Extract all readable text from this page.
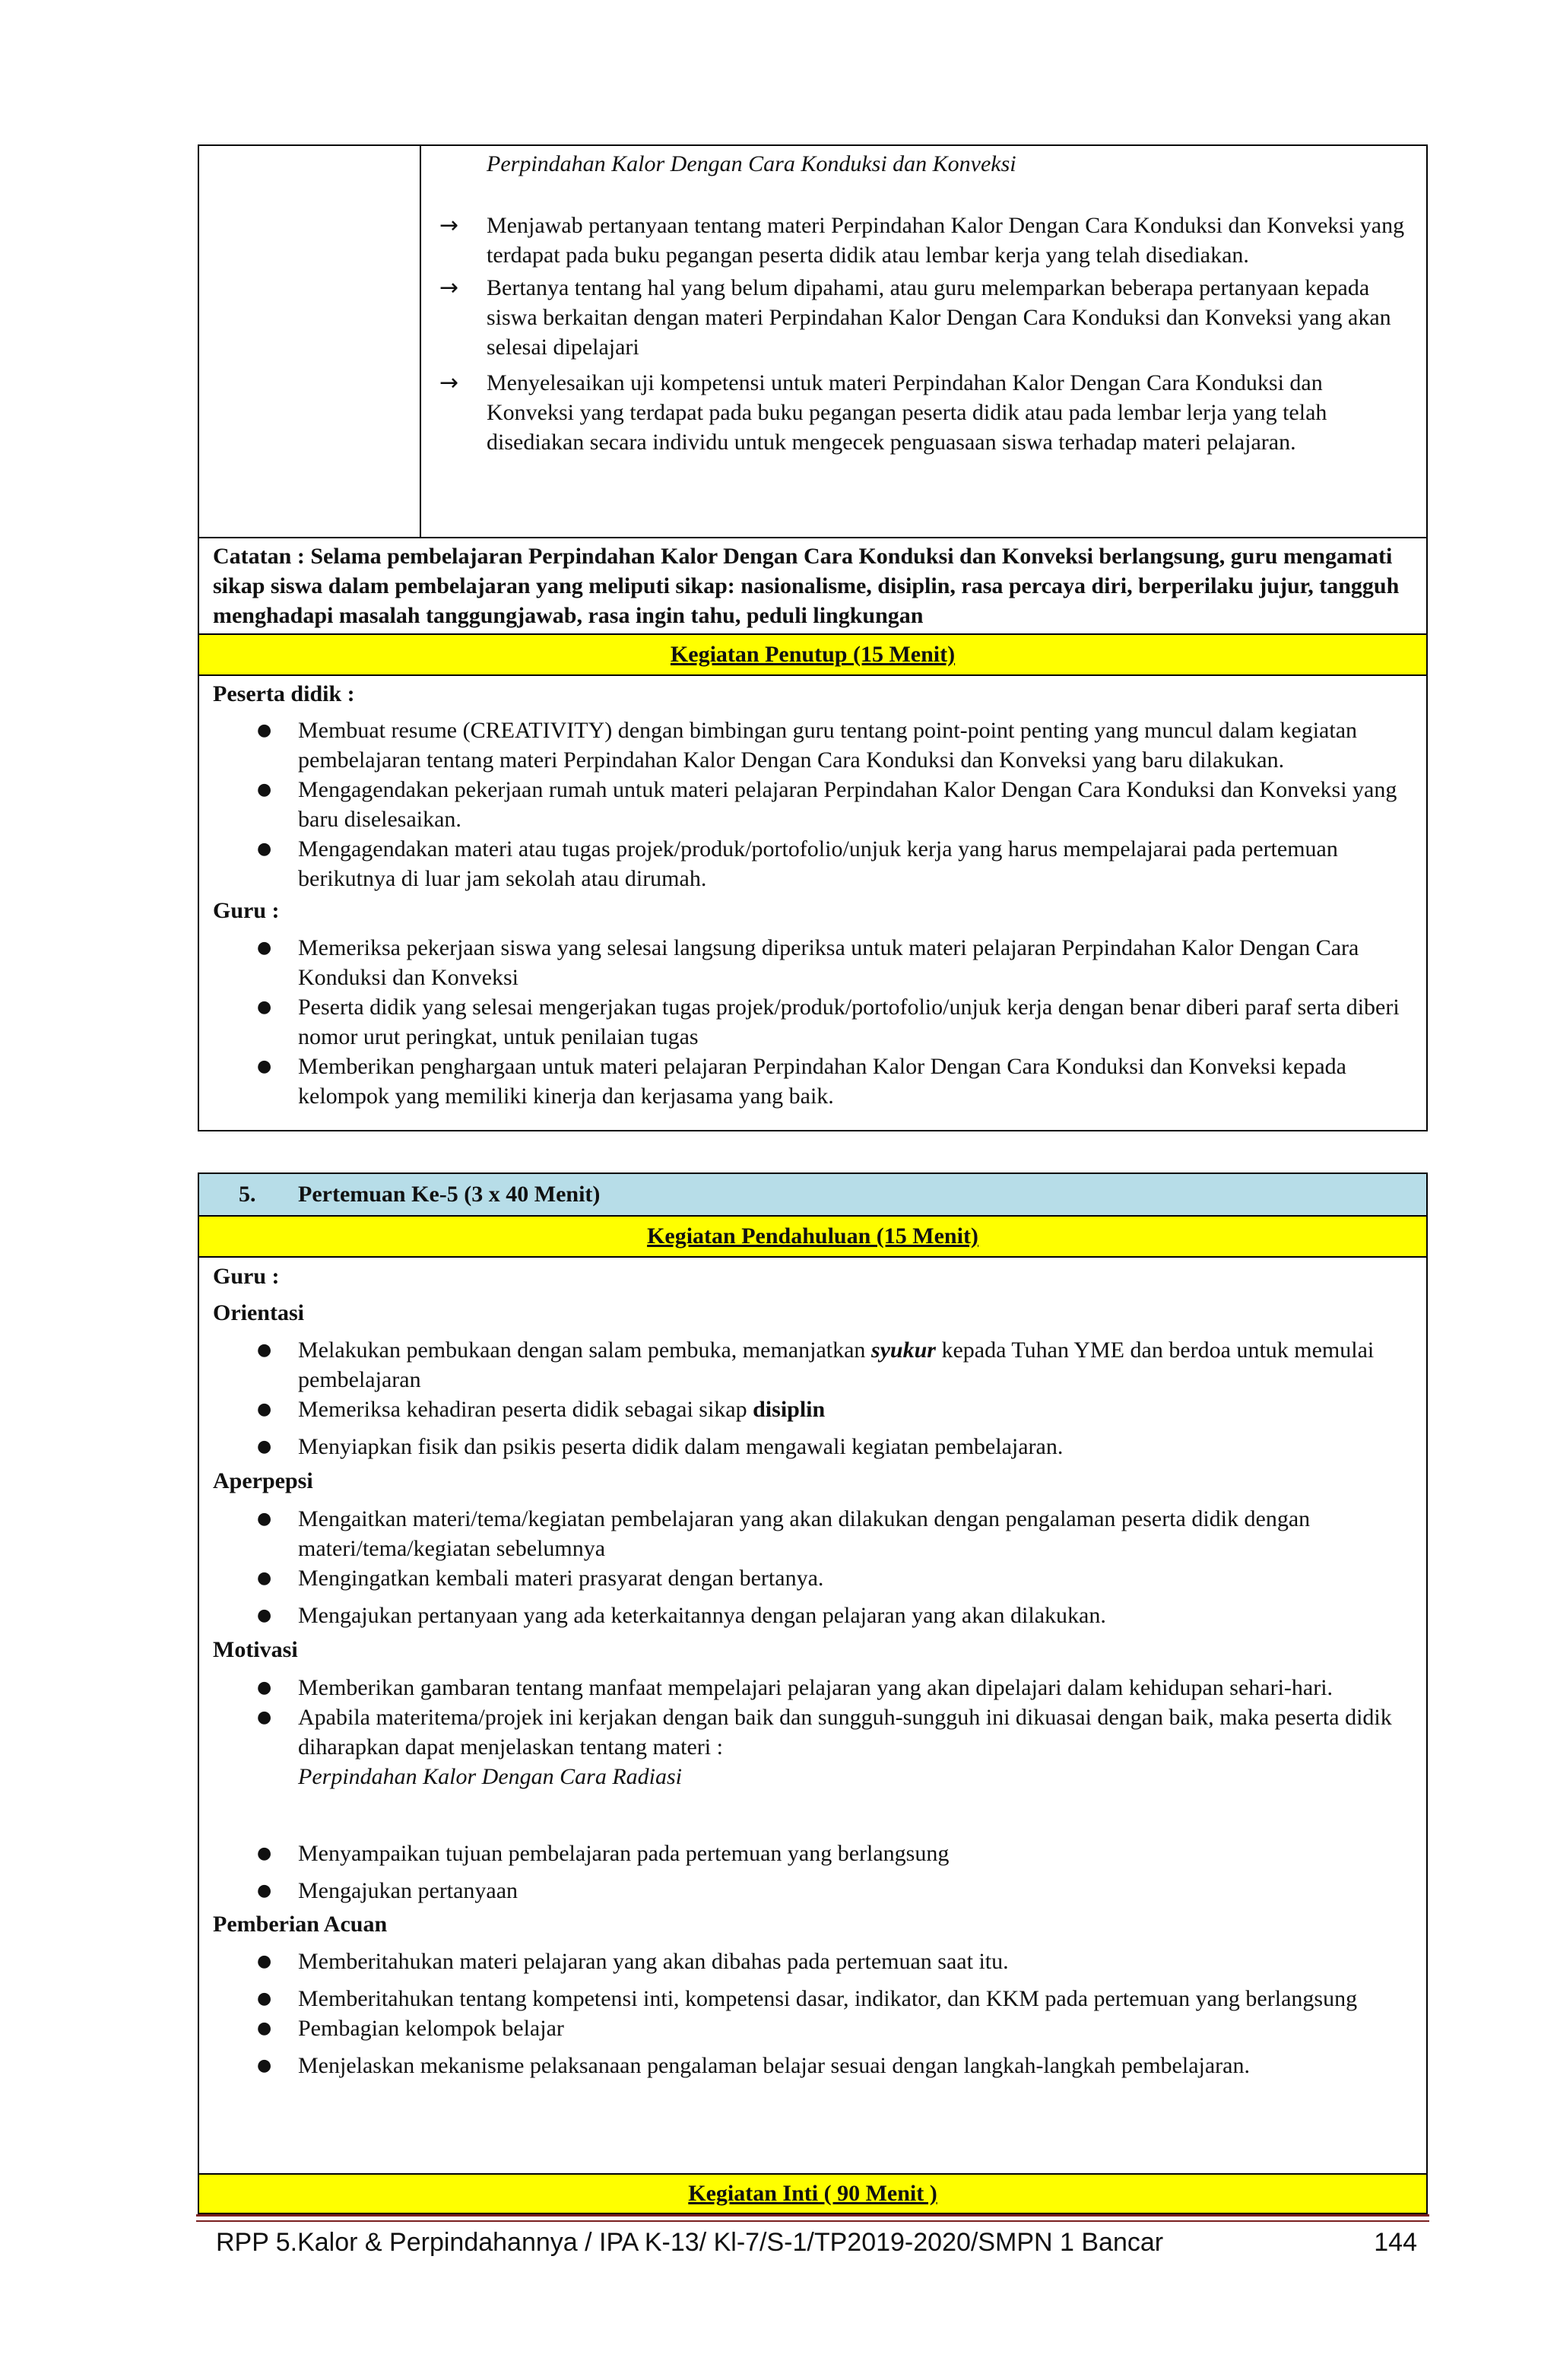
Perpindahan Kalor Dengan Cara Konduksi dan Konveksi
→	Menjawab pertanyaan tentang materi Perpindahan Kalor Dengan Cara Konduksi dan Konveksi yang terdapat pada buku pegangan peserta didik atau lembar kerja yang telah disediakan.
→	Bertanya tentang hal yang belum dipahami, atau guru melemparkan beberapa pertanyaan kepada siswa berkaitan dengan materi Perpindahan Kalor Dengan Cara Konduksi dan Konveksi yang akan selesai dipelajari
→	Menyelesaikan uji kompetensi untuk materi Perpindahan Kalor Dengan Cara Konduksi dan Konveksi yang terdapat pada buku pegangan peserta didik atau pada lembar lerja yang telah disediakan secara individu untuk mengecek penguasaan siswa terhadap materi pelajaran.
Catatan : Selama pembelajaran Perpindahan Kalor Dengan Cara Konduksi dan Konveksi berlangsung, guru mengamati sikap siswa dalam pembelajaran yang meliputi sikap: nasionalisme, disiplin, rasa percaya diri, berperilaku jujur, tangguh menghadapi masalah tanggungjawab, rasa ingin tahu, peduli lingkungan
Kegiatan Penutup (15 Menit)
Peserta didik :
●	Membuat resume (CREATIVITY) dengan bimbingan guru tentang point-point penting yang muncul dalam kegiatan pembelajaran tentang materi Perpindahan Kalor Dengan Cara Konduksi dan Konveksi yang baru dilakukan.
●	Mengagendakan pekerjaan rumah untuk materi pelajaran Perpindahan Kalor Dengan Cara Konduksi dan Konveksi yang baru diselesaikan.
●	Mengagendakan materi atau tugas projek/produk/portofolio/unjuk kerja yang harus mempelajarai pada pertemuan berikutnya di luar jam sekolah atau dirumah.
Guru :
●	Memeriksa pekerjaan siswa yang selesai langsung diperiksa untuk materi pelajaran Perpindahan Kalor Dengan Cara Konduksi dan Konveksi
●	Peserta didik yang selesai mengerjakan tugas projek/produk/portofolio/unjuk kerja dengan benar diberi paraf serta diberi nomor urut peringkat, untuk penilaian tugas
●	Memberikan penghargaan untuk materi pelajaran Perpindahan Kalor Dengan Cara Konduksi dan Konveksi kepada kelompok yang memiliki kinerja dan kerjasama yang baik.
5. Pertemuan Ke-5 (3 x 40 Menit)
Kegiatan Pendahuluan (15 Menit)
Guru :
Orientasi
●	Melakukan pembukaan dengan salam pembuka, memanjatkan syukur kepada Tuhan YME dan berdoa untuk memulai pembelajaran
●	Memeriksa kehadiran peserta didik sebagai sikap disiplin
●	Menyiapkan fisik dan psikis peserta didik dalam mengawali kegiatan pembelajaran.
Aperpepsi
●	Mengaitkan materi/tema/kegiatan pembelajaran yang akan dilakukan dengan pengalaman peserta didik dengan materi/tema/kegiatan sebelumnya
●	Mengingatkan kembali materi prasyarat dengan bertanya.
●	Mengajukan pertanyaan yang ada keterkaitannya dengan pelajaran yang akan dilakukan.
Motivasi
●	Memberikan gambaran tentang manfaat mempelajari pelajaran yang akan dipelajari dalam kehidupan sehari-hari.
●	Apabila materitema/projek ini kerjakan dengan baik dan sungguh-sungguh ini dikuasai dengan baik, maka peserta didik diharapkan dapat menjelaskan tentang materi :
Perpindahan Kalor Dengan Cara Radiasi
●	Menyampaikan tujuan pembelajaran pada pertemuan yang berlangsung
●	Mengajukan pertanyaan
Pemberian Acuan
●	Memberitahukan materi pelajaran yang akan dibahas pada pertemuan saat itu.
●	Memberitahukan tentang kompetensi inti, kompetensi dasar, indikator, dan KKM pada pertemuan yang berlangsung
●	Pembagian kelompok belajar
●	Menjelaskan mekanisme pelaksanaan pengalaman belajar sesuai dengan langkah-langkah pembelajaran.
Kegiatan Inti ( 90 Menit )
RPP 5.Kalor & Perpindahannya / IPA K-13/ Kl-7/S-1/TP2019-2020/SMPN 1 Bancar	144
